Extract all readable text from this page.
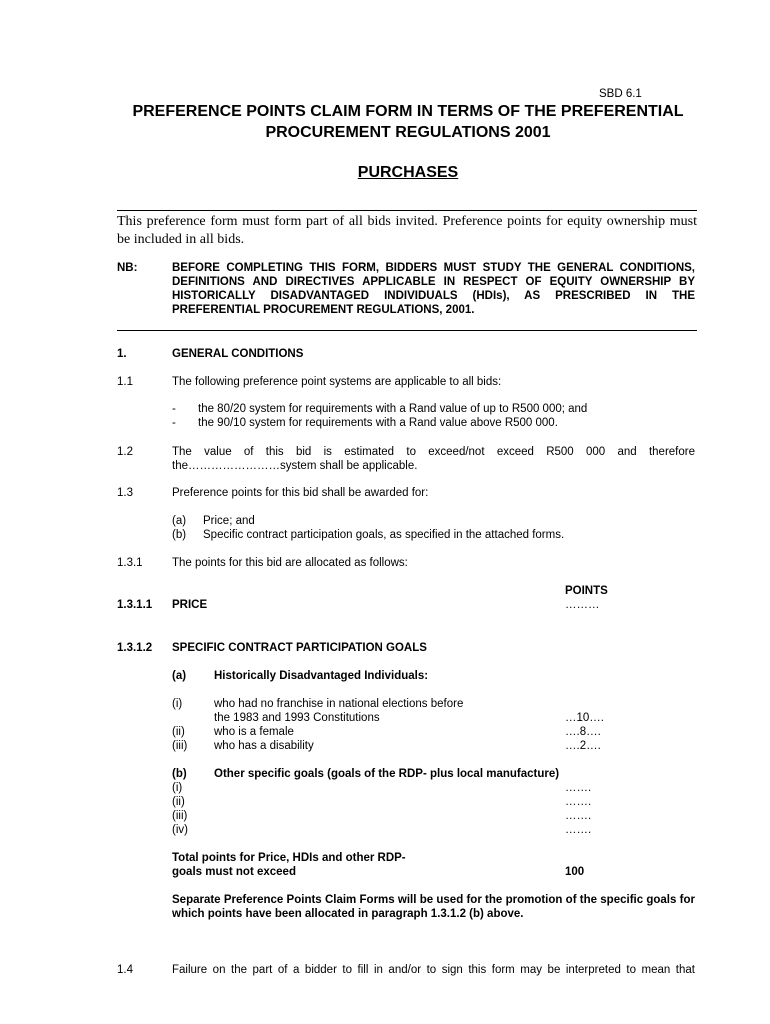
SBD 6.1
PREFERENCE POINTS CLAIM FORM IN TERMS OF THE PREFERENTIAL
PROCUREMENT REGULATIONS 2001
PURCHASES
This preference form must form part of all bids invited. Preference points for equity ownership must
be included in all bids.
NB:	BEFORE COMPLETING THIS FORM, BIDDERS MUST STUDY THE GENERAL CONDITIONS,
DEFINITIONS AND DIRECTIVES APPLICABLE IN RESPECT OF EQUITY OWNERSHIP BY
HISTORICALLY DISADVANTAGED INDIVIDUALS (HDIs), AS PRESCRIBED IN THE
PREFERENTIAL PROCUREMENT REGULATIONS, 2001.
1.	GENERAL CONDITIONS
1.1	The following preference point systems are applicable to all bids:
- the 80/20 system for requirements with a Rand value of up to R500 000; and
- the 90/10 system for requirements with a Rand value above R500 000.
1.2	The value of this bid is estimated to exceed/not exceed R500 000 and therefore
the……………………system shall be applicable.
1.3	Preference points for this bid shall be awarded for:
(a) Price; and
(b) Specific contract participation goals, as specified in the attached forms.
1.3.1	The points for this bid are allocated as follows:
POINTS
1.3.1.1 PRICE	………
1.3.1.2 SPECIFIC CONTRACT PARTICIPATION GOALS
(a) Historically Disadvantaged Individuals:
(i)	who had no franchise in national elections before
the 1983 and 1993 Constitutions	…10….
(ii)	who is a female	….8….
(iii) who has a disability	….2….
(b) Other specific goals (goals of the RDP- plus local manufacture)
(i)	…….
(ii)	…….
(iii)	…….
(iv)	…….
Total points for Price, HDIs and other RDP-
goals must not exceed	100
Separate Preference Points Claim Forms will be used for the promotion of the specific goals for
which points have been allocated in paragraph 1.3.1.2 (b) above.
1.4	Failure on the part of a bidder to fill in and/or to sign this form may be interpreted to mean that
